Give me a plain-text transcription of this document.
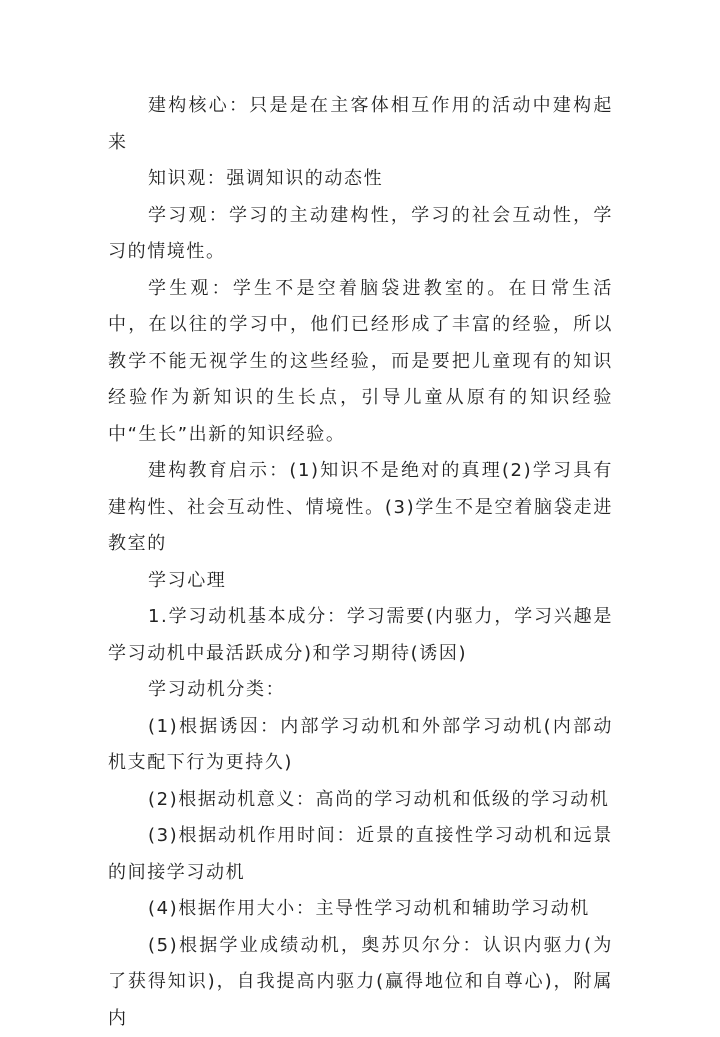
建构核心：只是是在主客体相互作用的活动中建构起来

知识观：强调知识的动态性

学习观：学习的主动建构性，学习的社会互动性，学习的情境性。

学生观：学生不是空着脑袋进教室的。在日常生活中，在以往的学习中，他们已经形成了丰富的经验，所以教学不能无视学生的这些经验，而是要把儿童现有的知识经验作为新知识的生长点，引导儿童从原有的知识经验中“生长”出新的知识经验。

建构教育启示：(1)知识不是绝对的真理(2)学习具有建构性、社会互动性、情境性。(3)学生不是空着脑袋走进教室的

学习心理

1.学习动机基本成分：学习需要(内驱力，学习兴趣是学习动机中最活跃成分)和学习期待(诱因)

学习动机分类：

(1)根据诱因：内部学习动机和外部学习动机(内部动机支配下行为更持久)

(2)根据动机意义：高尚的学习动机和低级的学习动机

(3)根据动机作用时间：近景的直接性学习动机和远景的间接学习动机

(4)根据作用大小：主导性学习动机和辅助学习动机

(5)根据学业成绩动机，奥苏贝尔分：认识内驱力(为了获得知识)，自我提高内驱力(赢得地位和自尊心)，附属内
